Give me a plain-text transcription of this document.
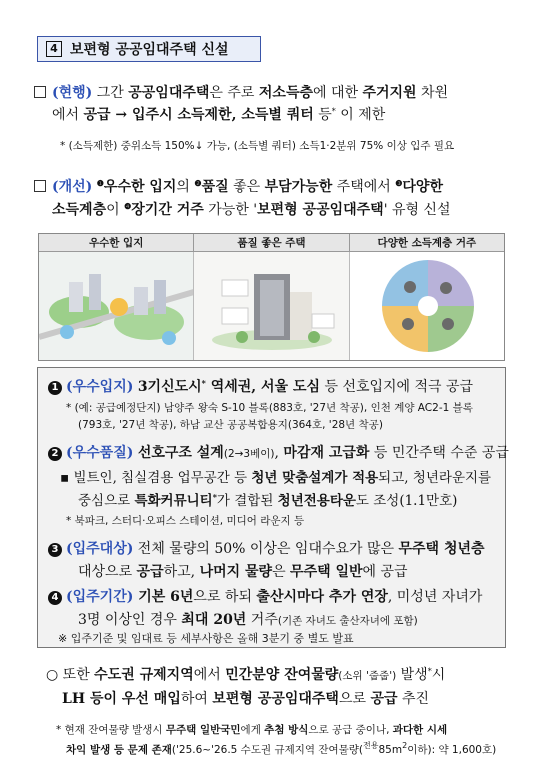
4 보편형 공공임대주택 신설
(현행) 그간 공공임대주택은 주로 저소득층에 대한 주거지원 차원
에서 공급 → 입주시 소득제한, 소득별 쿼터 등* 이 제한
* (소득제한) 중위소득 150%↓ 가능, (소득별 쿼터) 소득1·2분위 75% 이상 입주 필요
(개선) $^❶$우수한 입지의 $^❷$품질 좋은 부담가능한 주택에서 $^❸$다양한
소득계층이 $^❹$장기간 거주 가능한 '보편형 공공임대주택' 유형 신설
우수한 입지	품질 좋은 주택	다양한 소득계층 거주
1 (우수입지) 3기신도시* 역세권, 서울 도심 등 선호입지에 적극 공급
* (예: 공급예정단지) 남양주 왕숙 S-10 블록(883호, '27년 착공), 인천 계양 AC2-1 블록
(793호, '27년 착공), 하남 교산 공공복합용지(364호, '28년 착공)
2 (우수품질) 선호구조 설계(2→3베이), 마감재 고급화 등 민간주택 수준 공급
▪ 빌트인, 침실겸용 업무공간 등 청년 맞춤설계가 적용되고, 청년라운지를
중심으로 특화커뮤니티*가 결합된 청년전용타운도 조성(1.1만호)
* 북파크, 스터디·오피스 스테이션, 미디어 라운지 등
3 (입주대상) 전체 물량의 50% 이상은 임대수요가 많은 무주택 청년층
대상으로 공급하고, 나머지 물량은 무주택 일반에 공급
4 (입주기간) 기본 6년으로 하되 출산시마다 추가 연장, 미성년 자녀가
3명 이상인 경우 최대 20년 거주(기존 자녀도 출산자녀에 포함)
※ 입주기준 및 임대료 등 세부사항은 올해 3분기 중 별도 발표
○ 또한 수도권 규제지역에서 민간분양 잔여물량(소위 '줍줍') 발생*시
LH 등이 우선 매입하여 보편형 공공임대주택으로 공급 추진
* 현재 잔여물량 발생시 무주택 일반국민에게 추첨 방식으로 공급 중이나, 과다한 시세
차익 발생 등 문제 존재('25.6~'26.5 수도권 규제지역 잔여물량($^{전용}85m^2$이하): 약 1,600호)
